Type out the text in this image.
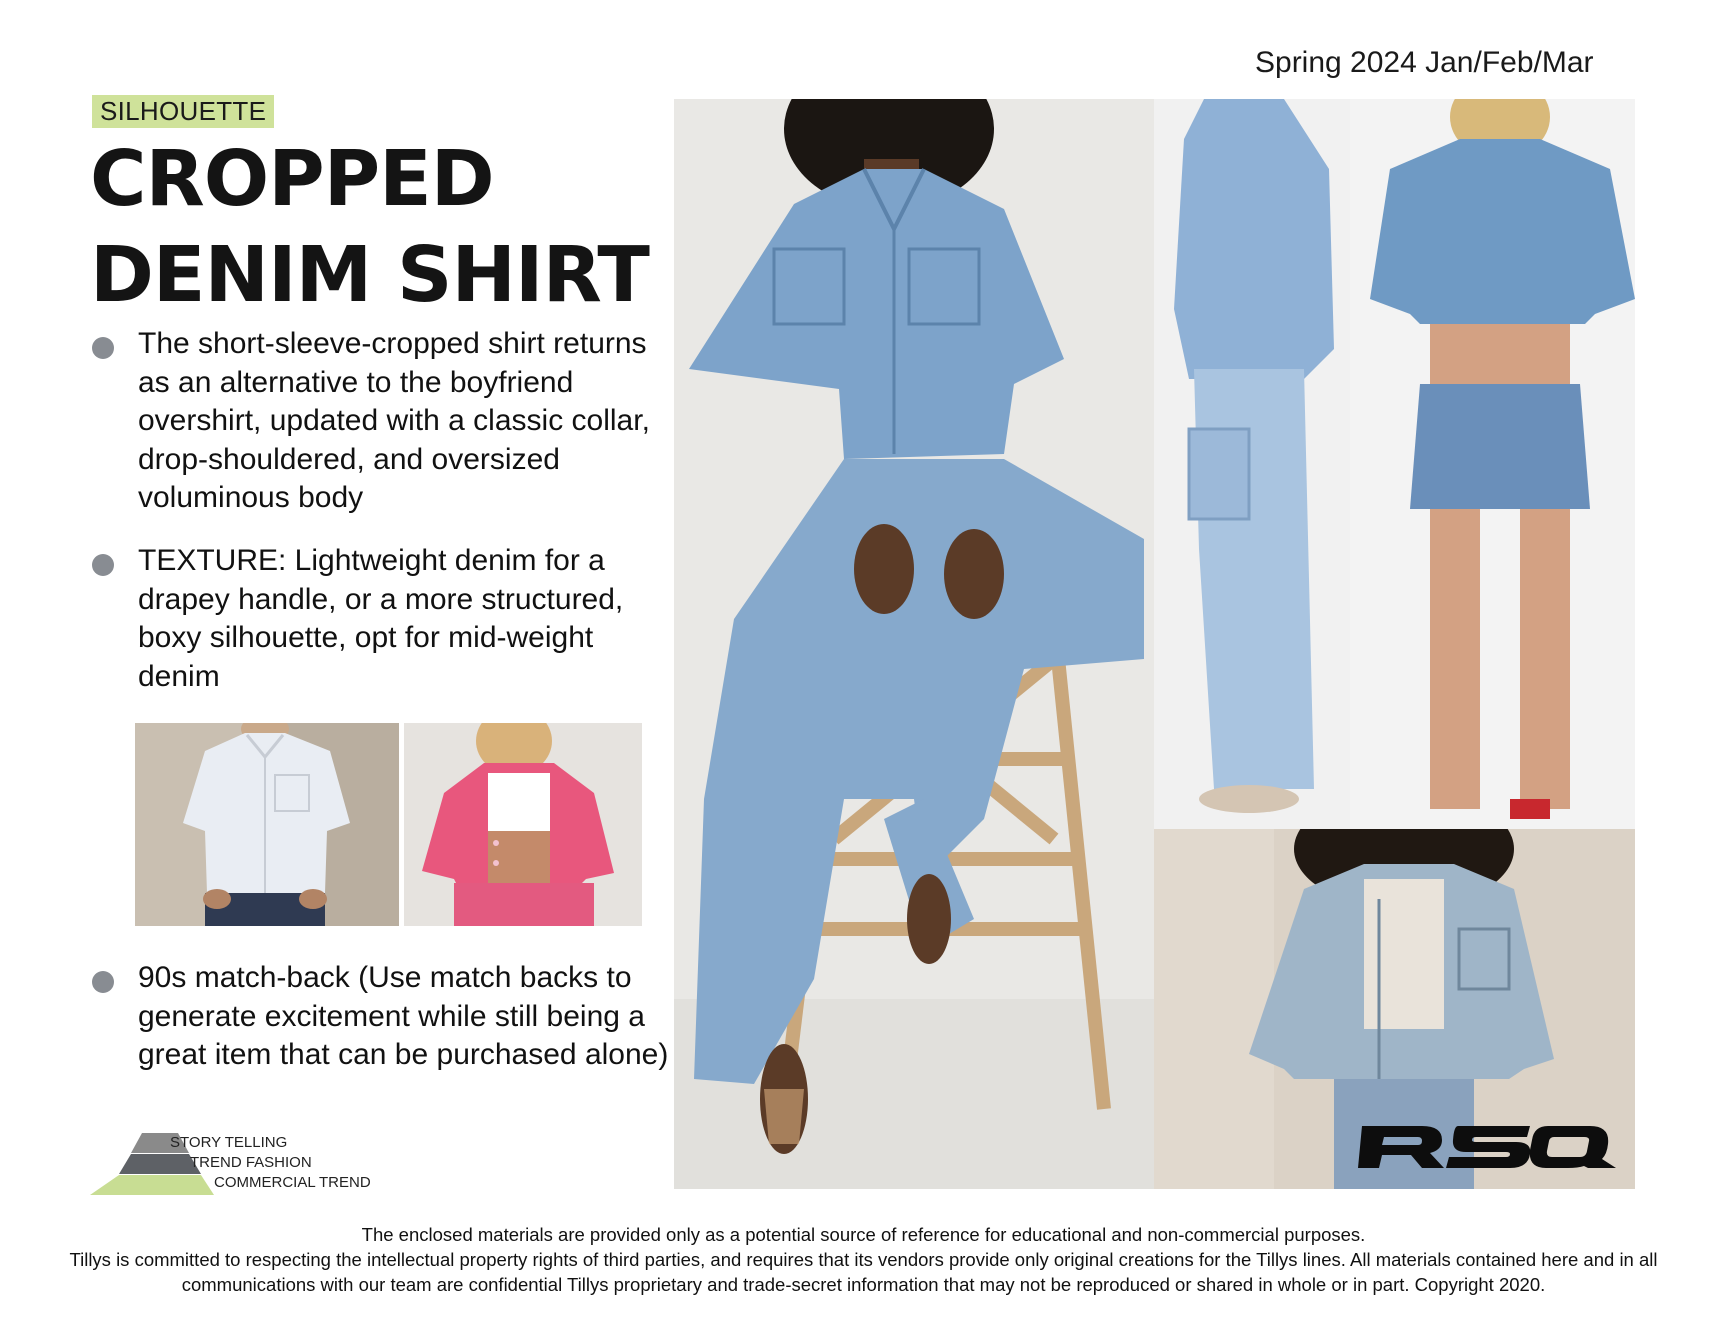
Spring 2024 Jan/Feb/Mar
SILHOUETTE
CROPPED
DENIM SHIRT
The short-sleeve-cropped shirt returns as an alternative to the boyfriend overshirt, updated with a classic collar, drop-shouldered, and oversized voluminous body
TEXTURE: Lightweight denim for a drapey handle, or a more structured, boxy silhouette, opt for mid-weight denim
90s match-back (Use match backs to generate excitement while still being a great item that can be purchased alone)
STORY TELLING
TREND FASHION
COMMERCIAL TREND
The enclosed materials are provided only as a potential source of reference for educational and non-commercial purposes.
Tillys is committed to respecting the intellectual property rights of third parties, and requires that its vendors provide only original creations for the Tillys lines. All materials contained here and in all communications with our team are confidential Tillys proprietary and trade-secret information that may not be reproduced or shared in whole or in part. Copyright 2020.
